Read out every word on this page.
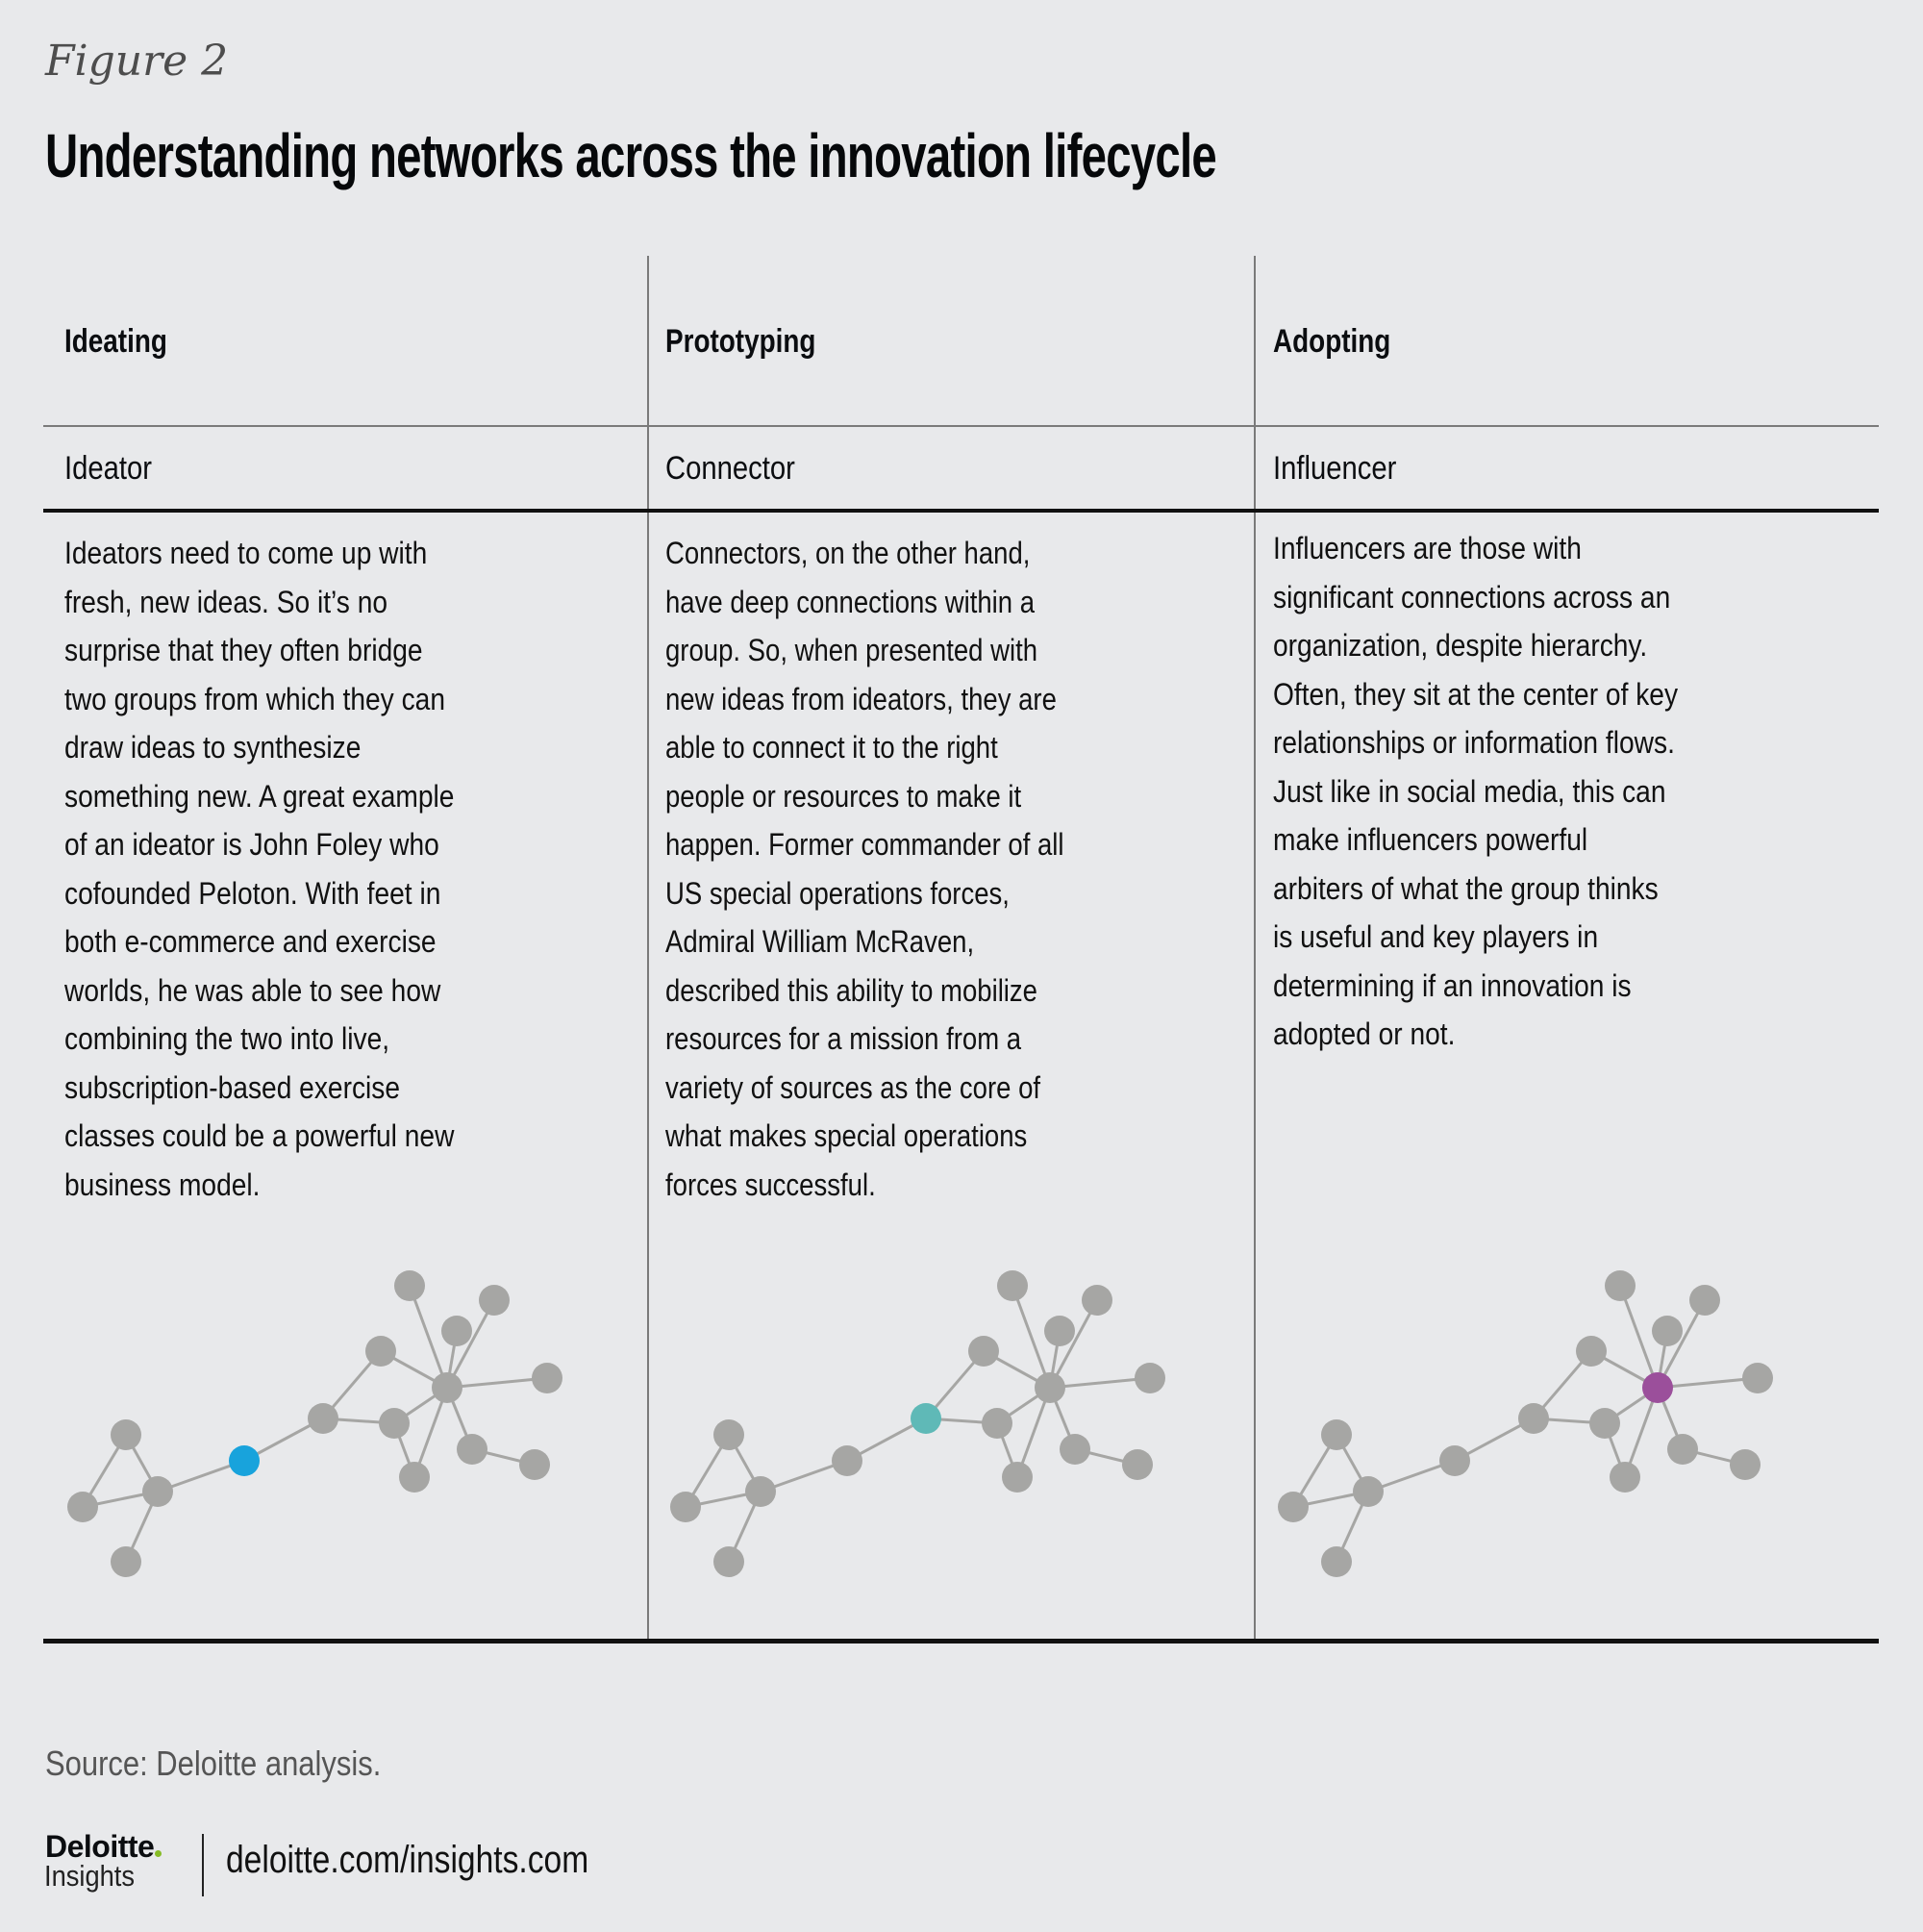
Figure 2
Understanding networks across the innovation lifecycle
Ideating
Ideator
Ideators need to come up with
fresh, new ideas. So it’s no
surprise that they often bridge
two groups from which they can
draw ideas to synthesize
something new. A great example
of an ideator is John Foley who
cofounded Peloton. With feet in
both e-commerce and exercise
worlds, he was able to see how
combining the two into live,
subscription-based exercise
classes could be a powerful new
business model.
Prototyping
Connector
Connectors, on the other hand,
have deep connections within a
group. So, when presented with
new ideas from ideators, they are
able to connect it to the right
people or resources to make it
happen. Former commander of all
US special operations forces,
Admiral William McRaven,
described this ability to mobilize
resources for a mission from a
variety of sources as the core of
what makes special operations
forces successful.
Adopting
Influencer
Influencers are those with
significant connections across an
organization, despite hierarchy.
Often, they sit at the center of key
relationships or information flows.
Just like in social media, this can
make influencers powerful
arbiters of what the group thinks
is useful and key players in
determining if an innovation is
adopted or not.
Source: Deloitte analysis.
Deloitte
Insights deloitte.com/insights.com
